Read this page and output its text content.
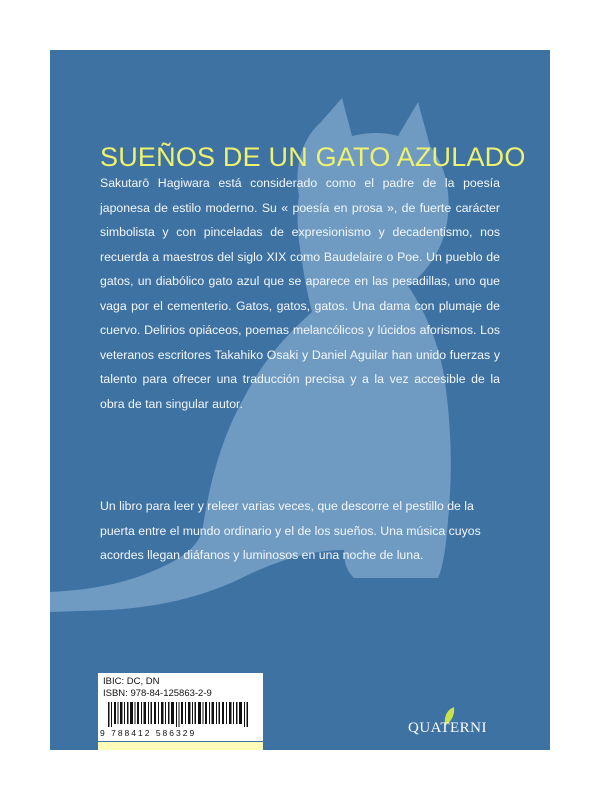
SUEÑOS DE UN GATO AZULADO

Sakutarō Hagiwara está considerado como el padre de la poesía japonesa de estilo moderno. Su « poesía en prosa », de fuerte carácter simbolista y con pinceladas de expresionismo y decadentismo, nos recuerda a maestros del siglo XIX como Baudelaire o Poe. Un pueblo de gatos, un diabólico gato azul que se aparece en las pesadillas, uno que vaga por el cementerio. Gatos, gatos, gatos. Una dama con plumaje de cuervo. Delirios opiáceos, poemas melancólicos y lúcidos aforismos. Los veteranos escritores Takahiko Osaki y Daniel Aguilar han unido fuerzas y talento para ofrecer una traducción precisa y a la vez accesible de la obra de tan singular autor.

Un libro para leer y releer varias veces, que descorre el pestillo de la puerta entre el mundo ordinario y el de los sueños. Una música cuyos acordes llegan diáfanos y luminosos en una noche de luna.

IBIC: DC, DN
ISBN: 978-84-125863-2-9
9 788412 586329	QUATERNI
